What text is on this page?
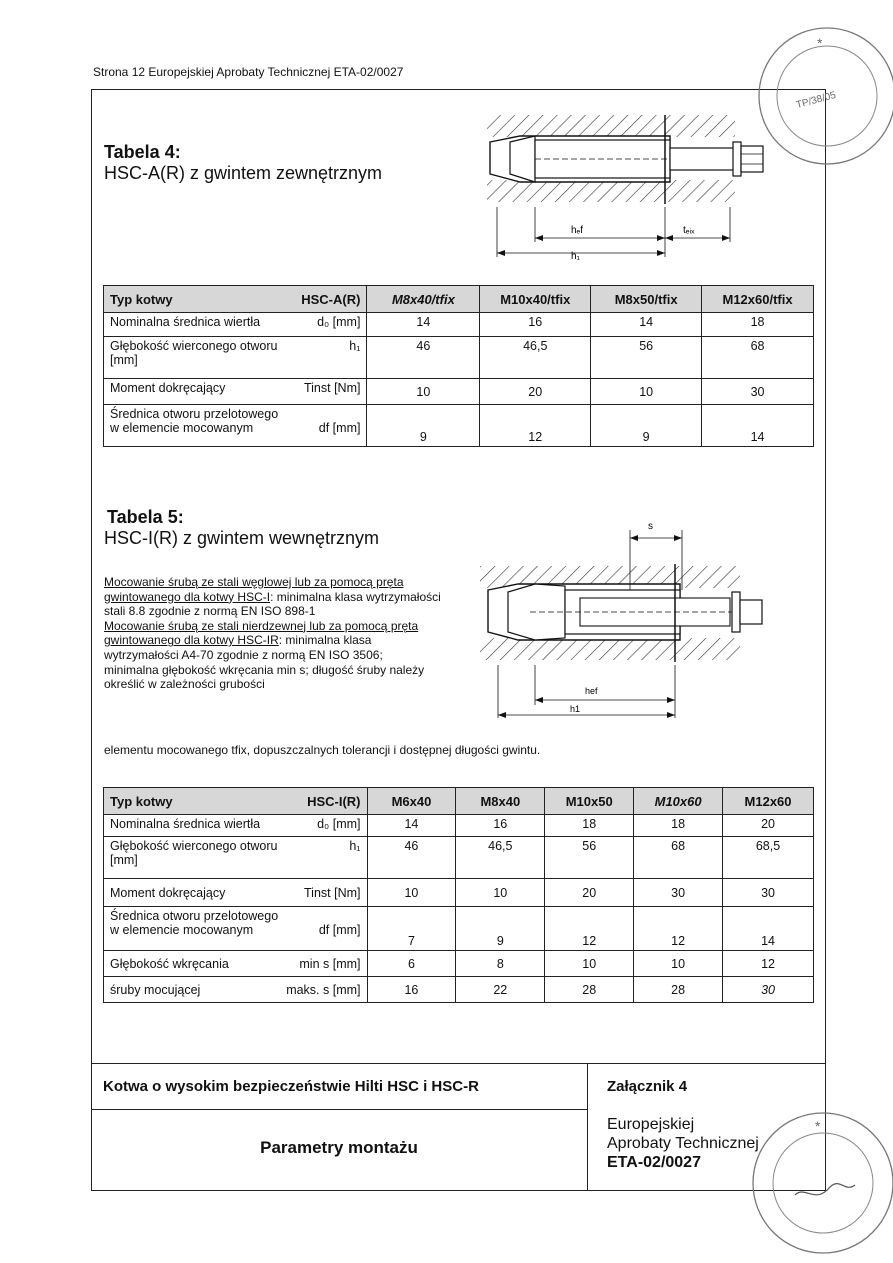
Strona 12 Europejskiej Aprobaty Technicznej ETA-02/0027
Tabela 4:
HSC-A(R) z gwintem zewnętrznym
hₑf
h₁
tₑᵢₓ
Typ kotwy HSC-A(R)	M8x40/tfix	M10x40/tfix	M8x50/tfix	M12x60/tfix

Nominalna średnica wiertła d₀ [mm]	14	16	14	18

Głębokość wierconego otworu h₁
[mm]	46	46,5	56	68

Moment dokręcający Tinst [Nm]	10	20	10	30

Średnica otworu przelotowego
w elemencie mocowanym df [mm]	9	12	9	14
Tabela 5:
HSC-I(R) z gwintem wewnętrznym
Mocowanie śrubą ze stali węglowej lub za pomocą pręta gwintowanego dla kotwy HSC-I: minimalna klasa wytrzymałości stali 8.8 zgodnie z normą EN ISO 898-1
Mocowanie śrubą ze stali nierdzewnej lub za pomocą pręta gwintowanego dla kotwy HSC-IR: minimalna klasa wytrzymałości A4-70 zgodnie z normą EN ISO 3506;
minimalna głębokość wkręcania min s; długość śruby należy określić w zależności grubości
elementu mocowanego tfix, dopuszczalnych tolerancji i dostępnej długości gwintu.
s
hef
h1
Typ kotwy HSC-I(R)	M6x40	M8x40	M10x50	M10x60	M12x60

Nominalna średnica wiertła d₀ [mm]	14	16	18	18	20

Głębokość wierconego otworu h₁
[mm]	46	46,5	56	68	68,5

Moment dokręcający Tinst [Nm]	10	10	20	30	30

Średnica otworu przelotowego
w elemencie mocowanym df [mm]	7	9	12	12	14

Głębokość wkręcania min s [mm]	6	8	10	10	12

śruby mocującej maks. s [mm]	16	22	28	28	30
Kotwa o wysokim bezpieczeństwie Hilti HSC i HSC-R
Parametry montażu
Załącznik 4
Europejskiej
Aprobaty Technicznej
ETA-02/0027
TP/38/05
*
*
